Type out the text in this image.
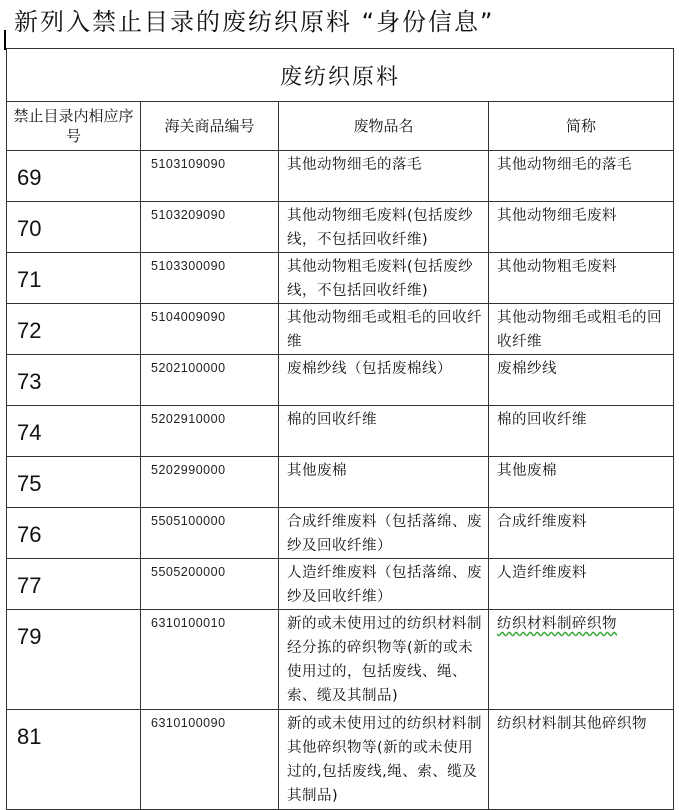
新列入禁止目录的废纺织原料 “身份信息”
废纺织原料			
禁止目录内相应序号	海关商品编号	废物品名	简称
69	5103109090	其他动物细毛的落毛	其他动物细毛的落毛
70	5103209090	其他动物细毛废料(包括废纱线，不包括回收纤维)	其他动物细毛废料
71	5103300090	其他动物粗毛废料(包括废纱线，不包括回收纤维)	其他动物粗毛废料
72	5104009090	其他动物细毛或粗毛的回收纤维	其他动物细毛或粗毛的回收纤维
73	5202100000	废棉纱线（包括废棉线）	废棉纱线
74	5202910000	棉的回收纤维	棉的回收纤维
75	5202990000	其他废棉	其他废棉
76	5505100000	合成纤维废料（包括落绵、废纱及回收纤维）	合成纤维废料
77	5505200000	人造纤维废料（包括落绵、废纱及回收纤维）	人造纤维废料
79	6310100010	新的或未使用过的纺织材料制经分拣的碎织物等(新的或未使用过的，包括废线、绳、索、缆及其制品)	纺织材料制碎织物
81	6310100090	新的或未使用过的纺织材料制其他碎织物等(新的或未使用过的,包括废线,绳、索、缆及其制品)	纺织材料制其他碎织物
